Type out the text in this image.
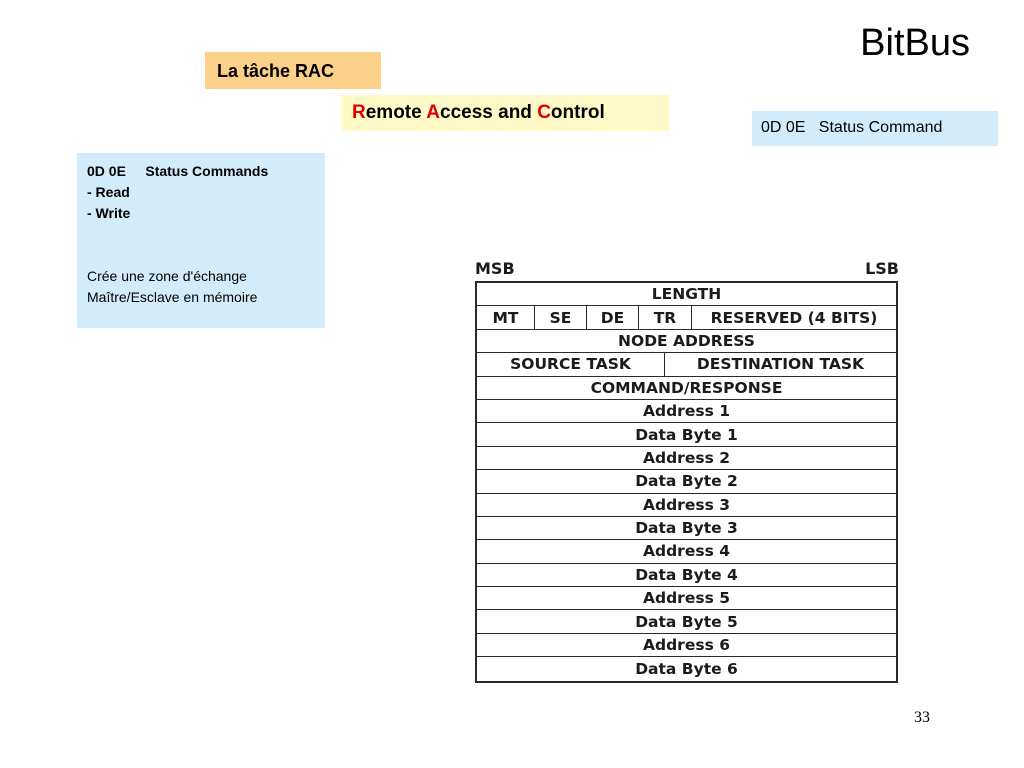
BitBus
La tâche RAC
Remote Access and Control
0D 0E   Status Command
0D 0E     Status Commands
- Read
- Write
Crée une zone d'échange
Maître/Esclave en mémoire
MSB	LSB
LENGTH
MT	SE	DE	TR	RESERVED (4 BITS)
NODE ADDRESS
SOURCE TASK	DESTINATION TASK
COMMAND/RESPONSE
Address 1
Data Byte 1
Address 2
Data Byte 2
Address 3
Data Byte 3
Address 4
Data Byte 4
Address 5
Data Byte 5
Address 6
Data Byte 6
33
